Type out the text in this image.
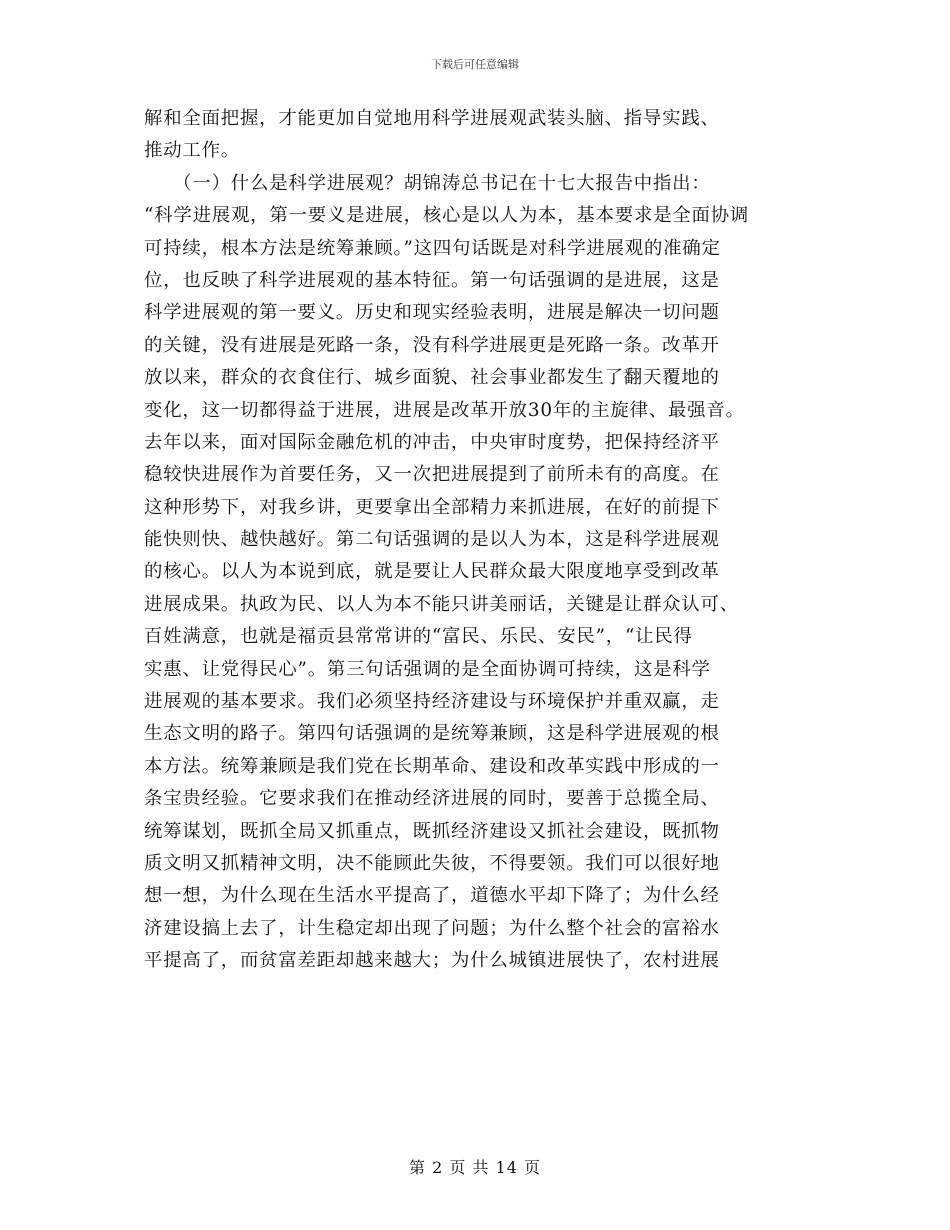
下载后可任意编辑
解和全面把握，才能更加自觉地用科学进展观武装头脑、指导实践、
推动工作。
　　（一）什么是科学进展观？胡锦涛总书记在十七大报告中指出：
“科学进展观，第一要义是进展，核心是以人为本，基本要求是全面协调
可持续，根本方法是统筹兼顾。”这四句话既是对科学进展观的准确定
位，也反映了科学进展观的基本特征。第一句话强调的是进展，这是
科学进展观的第一要义。历史和现实经验表明，进展是解决一切问题
的关键，没有进展是死路一条，没有科学进展更是死路一条。改革开
放以来，群众的衣食住行、城乡面貌、社会事业都发生了翻天覆地的
变化，这一切都得益于进展，进展是改革开放30年的主旋律、最强音。
去年以来，面对国际金融危机的冲击，中央审时度势，把保持经济平
稳较快进展作为首要任务，又一次把进展提到了前所未有的高度。在
这种形势下，对我乡讲，更要拿出全部精力来抓进展，在好的前提下
能快则快、越快越好。第二句话强调的是以人为本，这是科学进展观
的核心。以人为本说到底，就是要让人民群众最大限度地享受到改革
进展成果。执政为民、以人为本不能只讲美丽话，关键是让群众认可、
百姓满意，也就是福贡县常常讲的“富民、乐民、安民”，“让民得
实惠、让党得民心”。第三句话强调的是全面协调可持续，这是科学
进展观的基本要求。我们必须坚持经济建设与环境保护并重双赢，走
生态文明的路子。第四句话强调的是统筹兼顾，这是科学进展观的根
本方法。统筹兼顾是我们党在长期革命、建设和改革实践中形成的一
条宝贵经验。它要求我们在推动经济进展的同时，要善于总揽全局、
统筹谋划，既抓全局又抓重点，既抓经济建设又抓社会建设，既抓物
质文明又抓精神文明，决不能顾此失彼，不得要领。我们可以很好地
想一想，为什么现在生活水平提高了，道德水平却下降了；为什么经
济建设搞上去了，计生稳定却出现了问题；为什么整个社会的富裕水
平提高了，而贫富差距却越来越大；为什么城镇进展快了，农村进展
第 2 页 共 14 页
